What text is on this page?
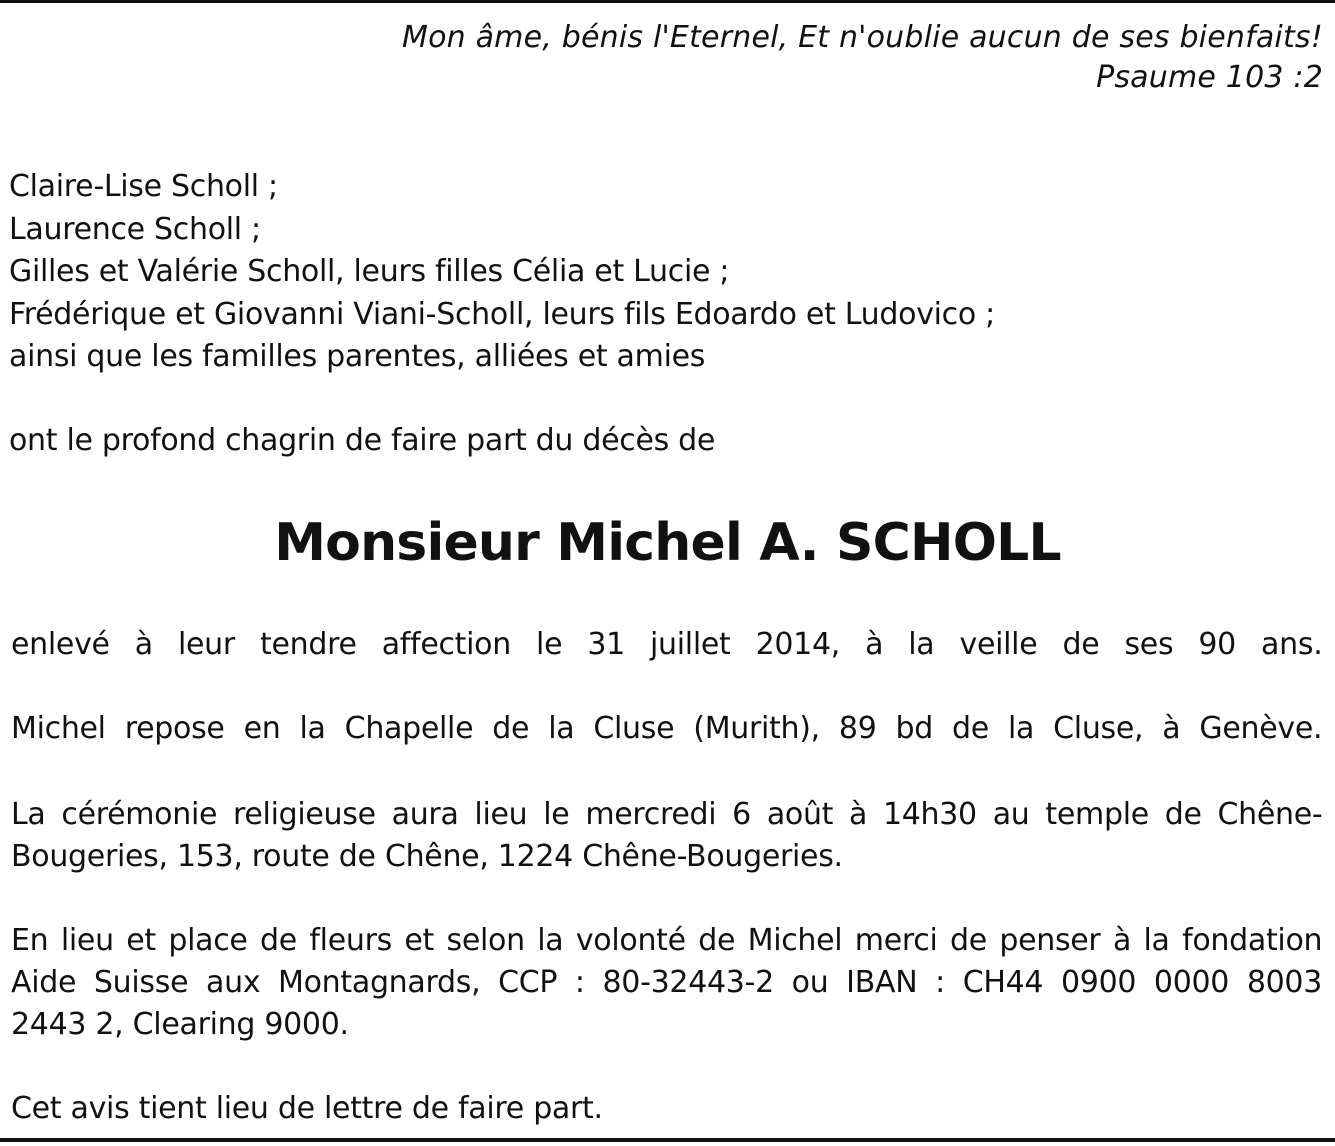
Mon âme, bénis l'Eternel, Et n'oublie aucun de ses bienfaits!
Psaume 103 :2
Claire-Lise Scholl ;
Laurence Scholl ;
Gilles et Valérie Scholl, leurs filles Célia et Lucie ;
Frédérique et Giovanni Viani-Scholl, leurs fils Edoardo et Ludovico ;
ainsi que les familles parentes, alliées et amies
ont le profond chagrin de faire part du décès de
Monsieur Michel A. SCHOLL
enlevé à leur tendre affection le 31 juillet 2014, à la veille de ses 90 ans.
Michel repose en la Chapelle de la Cluse (Murith), 89 bd de la Cluse, à Genève.
La cérémonie religieuse aura lieu le mercredi 6 août à 14h30 au temple de Chêne-
Bougeries, 153, route de Chêne, 1224 Chêne-Bougeries.
En lieu et place de fleurs et selon la volonté de Michel merci de penser à la fondation
Aide Suisse aux Montagnards, CCP : 80-32443-2 ou IBAN : CH44 0900 0000 8003
2443 2, Clearing 9000.
Cet avis tient lieu de lettre de faire part.
